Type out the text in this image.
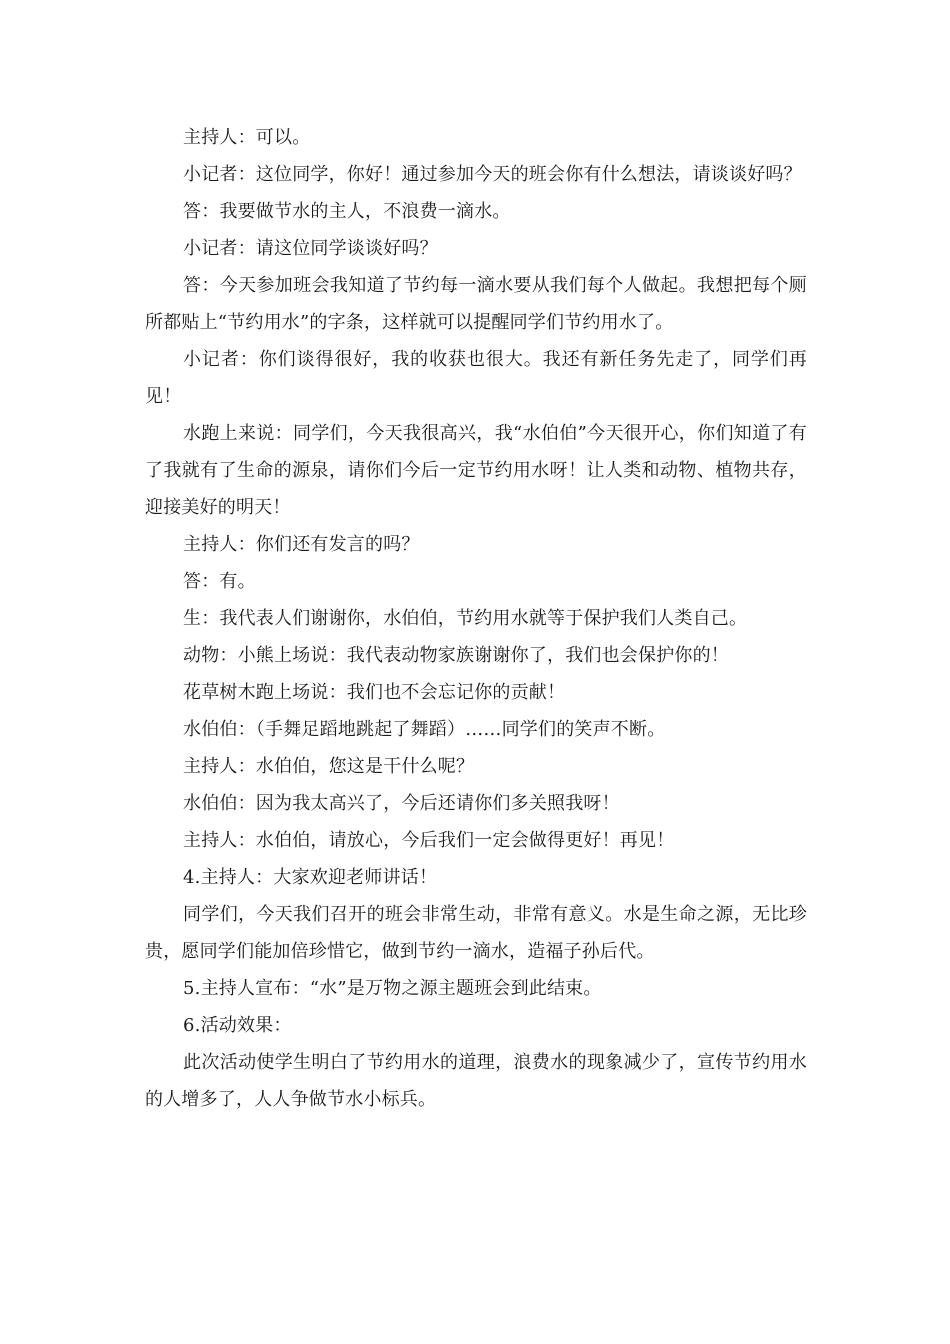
主持人：可以。

小记者：这位同学，你好！通过参加今天的班会你有什么想法，请谈谈好吗？

答：我要做节水的主人，不浪费一滴水。

小记者：请这位同学谈谈好吗？

答：今天参加班会我知道了节约每一滴水要从我们每个人做起。我想把每个厕所都贴上“节约用水”的字条，这样就可以提醒同学们节约用水了。

小记者：你们谈得很好，我的收获也很大。我还有新任务先走了，同学们再见！

水跑上来说：同学们，今天我很高兴，我“水伯伯”今天很开心，你们知道了有了我就有了生命的源泉，请你们今后一定节约用水呀！让人类和动物、植物共存，迎接美好的明天！

主持人：你们还有发言的吗？

答：有。

生：我代表人们谢谢你，水伯伯，节约用水就等于保护我们人类自己。

动物：小熊上场说：我代表动物家族谢谢你了，我们也会保护你的！

花草树木跑上场说：我们也不会忘记你的贡献！

水伯伯：（手舞足蹈地跳起了舞蹈）……同学们的笑声不断。

主持人：水伯伯，您这是干什么呢？

水伯伯：因为我太高兴了，今后还请你们多关照我呀！

主持人：水伯伯，请放心，今后我们一定会做得更好！再见！

4.主持人：大家欢迎老师讲话！

同学们，今天我们召开的班会非常生动，非常有意义。水是生命之源，无比珍贵，愿同学们能加倍珍惜它，做到节约一滴水，造福子孙后代。

5.主持人宣布：“水”是万物之源主题班会到此结束。

6.活动效果：

此次活动使学生明白了节约用水的道理，浪费水的现象减少了，宣传节约用水的人增多了，人人争做节水小标兵。
